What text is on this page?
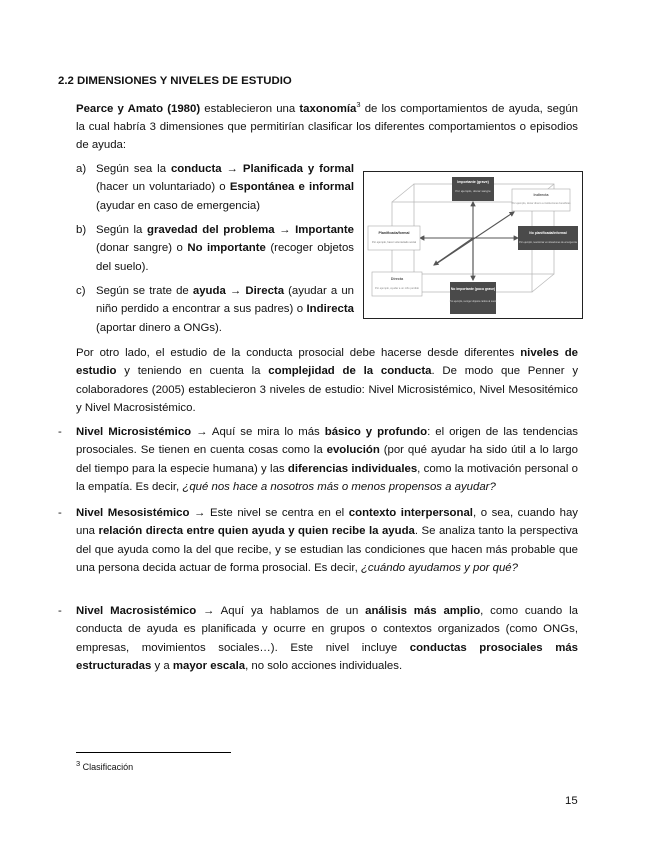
2.2 DIMENSIONES Y NIVELES DE ESTUDIO

Pearce y Amato (1980) establecieron una taxonomía$^3$ de los comportamientos de ayuda, según la cual habría 3 dimensiones que permitirían clasificar los diferentes comportamientos o episodios de ayuda:

a) Según sea la conducta → Planificada y formal (hacer un voluntariado) o Espontánea e informal (ayudar en caso de emergencia)
b) Según la gravedad del problema → Importante (donar sangre) o No importante (recoger objetos del suelo).
c) Según se trate de ayuda → Directa (ayudar a un niño perdido a encontrar a sus padres) o Indirecta (aportar dinero a ONGs).
Importante (grave)
Por ejemplo, donar sangre
Indirecta
Por ejemplo, donar dinero a instituciones benéficas
Planificada/formal
Por ejemplo, hacer voluntariado social
No planificada/informal
Por ejemplo, reaccionar en situaciones de emergencia
Directa
Por ejemplo, ayudar a un niño perdido	No importante (poco grave)
Por ejemplo, recoger objetos caídos al suelo

Por otro lado, el estudio de la conducta prosocial debe hacerse desde diferentes niveles de estudio y teniendo en cuenta la complejidad de la conducta. De modo que Penner y colaboradores (2005) establecieron 3 niveles de estudio: Nivel Microsistémico, Nivel Mesositémico y Nivel Macrosistémico.

- Nivel Microsistémico → Aquí se mira lo más básico y profundo: el origen de las tendencias prosociales. Se tienen en cuenta cosas como la evolución (por qué ayudar ha sido útil a lo largo del tiempo para la especie humana) y las diferencias individuales, como la motivación personal o la empatía. Es decir, ¿qué nos hace a nosotros más o menos propensos a ayudar?
- Nivel Mesosistémico → Este nivel se centra en el contexto interpersonal, o sea, cuando hay una relación directa entre quien ayuda y quien recibe la ayuda. Se analiza tanto la perspectiva del que ayuda como la del que recibe, y se estudian las condiciones que hacen más probable que una persona decida actuar de forma prosocial. Es decir, ¿cuándo ayudamos y por qué?
- Nivel Macrosistémico → Aquí ya hablamos de un análisis más amplio, como cuando la conducta de ayuda es planificada y ocurre en grupos o contextos organizados (como ONGs, empresas, movimientos sociales…). Este nivel incluye conductas prosociales más estructuradas y a mayor escala, no solo acciones individuales.
$^3$ Clasificación
15
